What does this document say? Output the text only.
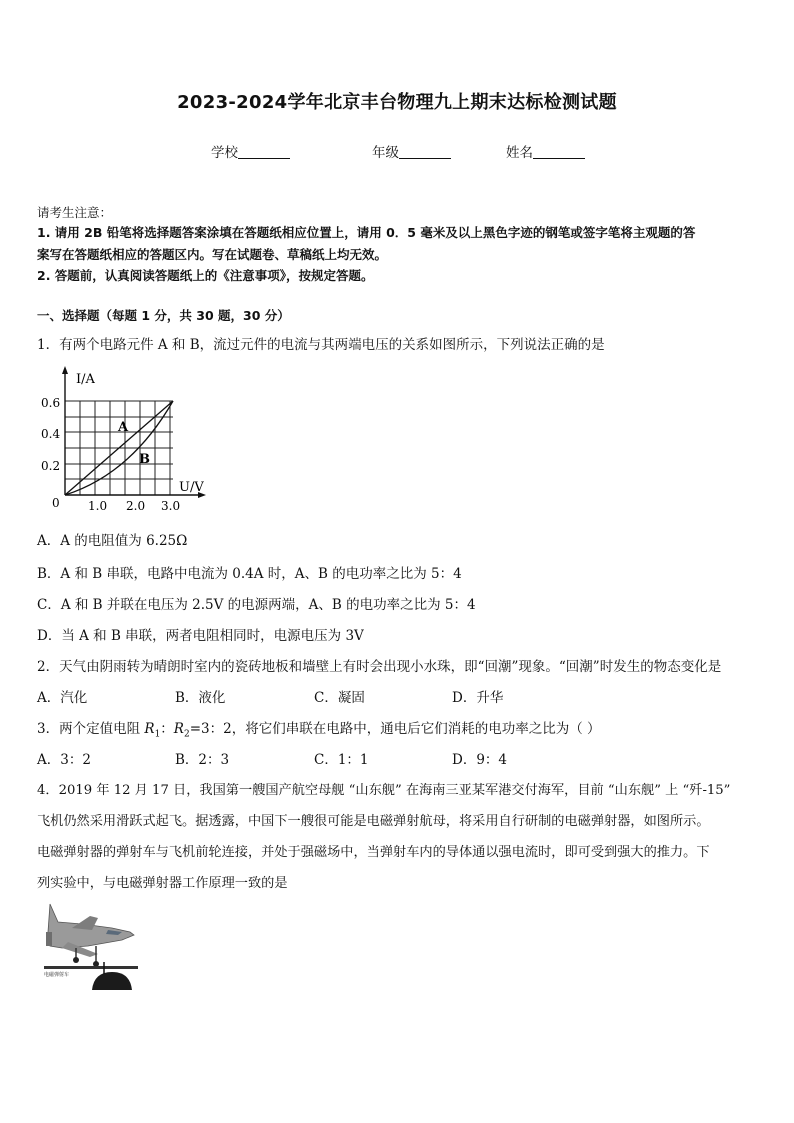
2023-2024学年北京丰台物理九上期末达标检测试题
学校	年级	姓名
请考生注意：
1. 请用 2B 铅笔将选择题答案涂填在答题纸相应位置上，请用 0．5 毫米及以上黑色字迹的钢笔或签字笔将主观题的答
案写在答题纸相应的答题区内。写在试题卷、草稿纸上均无效。
2. 答题前，认真阅读答题纸上的《注意事项》，按规定答题。
一、选择题（每题 1 分，共 30 题，30 分）
1．有两个电路元件 A 和 B，流过元件的电流与其两端电压的关系如图所示，下列说法正确的是
I/A
U/V
0
0.6
0.4
0.2
1.0 2.0 3.0
A
B
A．A 的电阻值为 6.25Ω
B．A 和 B 串联，电路中电流为 0.4A 时，A、B 的电功率之比为 5：4
C．A 和 B 并联在电压为 2.5V 的电源两端，A、B 的电功率之比为 5：4
D．当 A 和 B 串联，两者电阻相同时，电源电压为 3V
2．天气由阴雨转为晴朗时室内的瓷砖地板和墙壁上有时会出现小水珠，即“回潮”现象。“回潮”时发生的物态变化是
A．汽化	B．液化	C．凝固	D．升华
3．两个定值电阻 $R_1$：$R_2=3$：2，将它们串联在电路中，通电后它们消耗的电功率之比为（ ）
A．3：2	B．2：3	C．1：1	D．9：4
4．2019 年 12 月 17 日，我国第一艘国产航空母舰 “山东舰” 在海南三亚某军港交付海军，目前 “山东舰” 上 “歼-15”
飞机仍然采用滑跃式起飞。据透露，中国下一艘很可能是电磁弹射航母，将采用自行研制的电磁弹射器，如图所示。
电磁弹射器的弹射车与飞机前轮连接，并处于强磁场中，当弹射车内的导体通以强电流时，即可受到强大的推力。下
列实验中，与电磁弹射器工作原理一致的是
电磁弹射车
